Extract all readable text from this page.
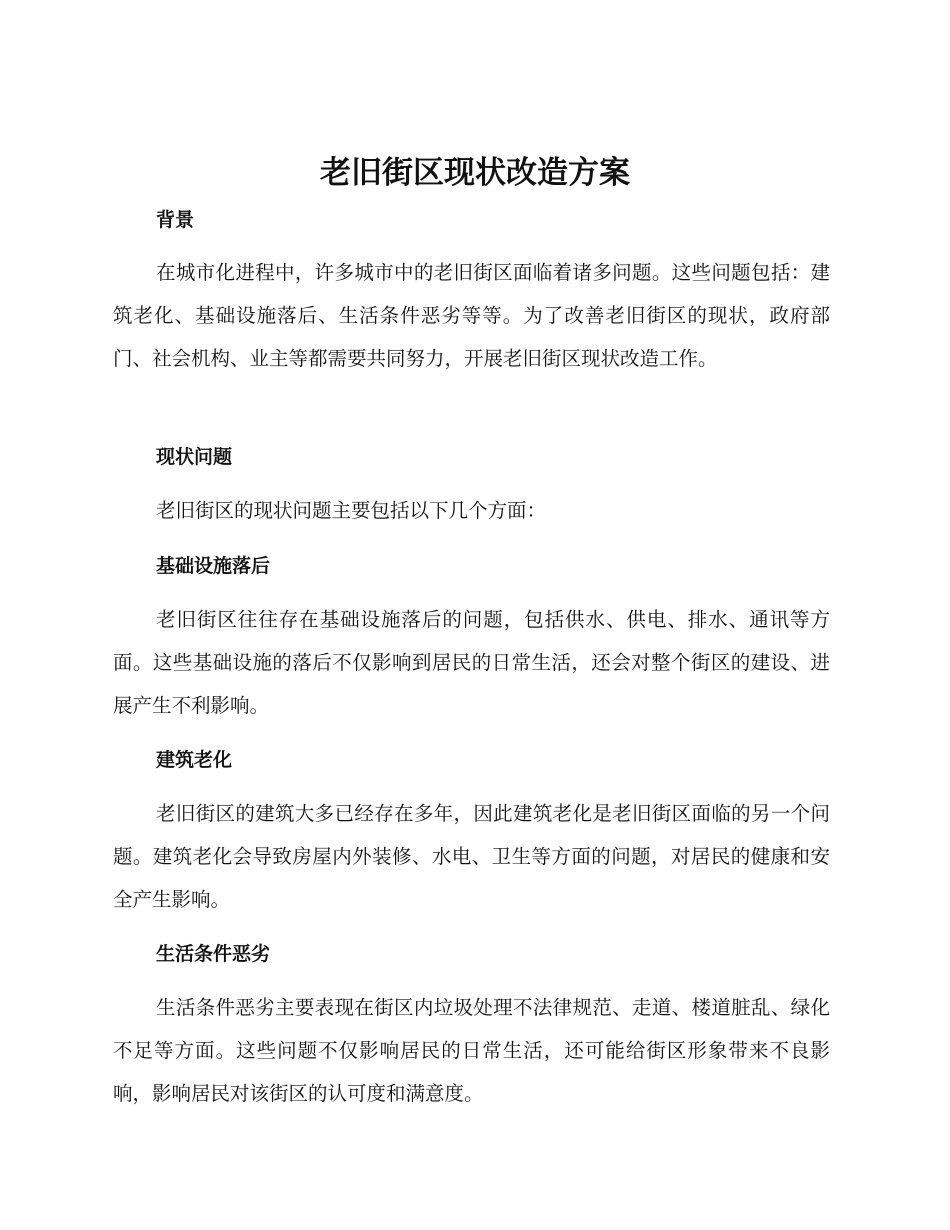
老旧街区现状改造方案
背景

在城市化进程中，许多城市中的老旧街区面临着诸多问题。这些问题包括：建筑老化、基础设施落后、生活条件恶劣等等。为了改善老旧街区的现状，政府部门、社会机构、业主等都需要共同努力，开展老旧街区现状改造工作。

现状问题

老旧街区的现状问题主要包括以下几个方面：

基础设施落后

老旧街区往往存在基础设施落后的问题，包括供水、供电、排水、通讯等方面。这些基础设施的落后不仅影响到居民的日常生活，还会对整个街区的建设、进展产生不利影响。

建筑老化

老旧街区的建筑大多已经存在多年，因此建筑老化是老旧街区面临的另一个问题。建筑老化会导致房屋内外装修、水电、卫生等方面的问题，对居民的健康和安全产生影响。

生活条件恶劣

生活条件恶劣主要表现在街区内垃圾处理不法律规范、走道、楼道脏乱、绿化不足等方面。这些问题不仅影响居民的日常生活，还可能给街区形象带来不良影响，影响居民对该街区的认可度和满意度。
